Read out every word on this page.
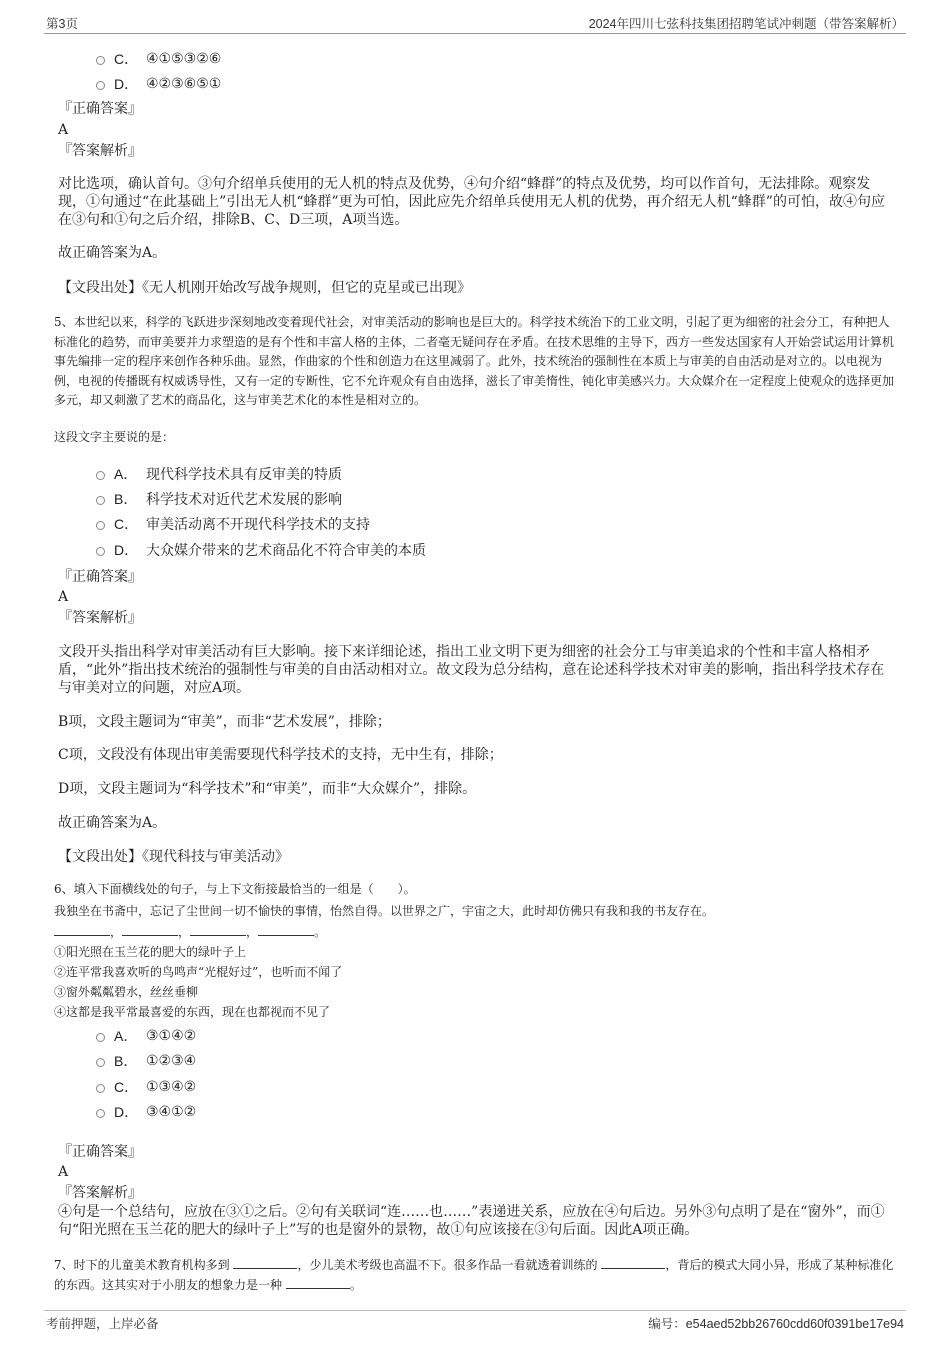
第3页	2024年四川七弦科技集团招聘笔试冲刺题（带答案解析）
C． ④①⑤③②⑥
D． ④②③⑥⑤①
『正确答案』
A
『答案解析』
对比选项，确认首句。③句介绍单兵使用的无人机的特点及优势，④句介绍“蜂群”的特点及优势，均可以作首句，无法排除。观察发现，①句通过“在此基础上”引出无人机“蜂群”更为可怕，因此应先介绍单兵使用无人机的优势，再介绍无人机“蜂群”的可怕，故④句应在③句和①句之后介绍，排除B、C、D三项，A项当选。
故正确答案为A。
【文段出处】《无人机刚开始改写战争规则，但它的克星或已出现》
5、本世纪以来，科学的飞跃进步深刻地改变着现代社会，对审美活动的影响也是巨大的。科学技术统治下的工业文明，引起了更为细密的社会分工，有种把人标准化的趋势，而审美要并力求塑造的是有个性和丰富人格的主体，二者毫无疑问存在矛盾。在技术思维的主导下，西方一些发达国家有人开始尝试运用计算机事先编排一定的程序来创作各种乐曲。显然，作曲家的个性和创造力在这里减弱了。此外，技术统治的强制性在本质上与审美的自由活动是对立的。以电视为例，电视的传播既有权威诱导性，又有一定的专断性，它不允许观众有自由选择，滋长了审美惰性，钝化审美感兴力。大众媒介在一定程度上使观众的选择更加多元，却又刺激了艺术的商品化，这与审美艺术化的本性是相对立的。
这段文字主要说的是：
A． 现代科学技术具有反审美的特质
B． 科学技术对近代艺术发展的影响
C． 审美活动离不开现代科学技术的支持
D． 大众媒介带来的艺术商品化不符合审美的本质
『正确答案』
A
『答案解析』
文段开头指出科学对审美活动有巨大影响。接下来详细论述，指出工业文明下更为细密的社会分工与审美追求的个性和丰富人格相矛盾，“此外”指出技术统治的强制性与审美的自由活动相对立。故文段为总分结构，意在论述科学技术对审美的影响，指出科学技术存在与审美对立的问题，对应A项。
B项，文段主题词为“审美”，而非“艺术发展”，排除；
C项，文段没有体现出审美需要现代科学技术的支持，无中生有，排除；
D项，文段主题词为“科学技术”和“审美”，而非“大众媒介”，排除。
故正确答案为A。
【文段出处】《现代科技与审美活动》
6、填入下面横线处的句子，与上下文衔接最恰当的一组是（　　）。
我独坐在书斋中，忘记了尘世间一切不愉快的事情，怡然自得。以世界之广，宇宙之大，此时却仿佛只有我和我的书友存在。
，	，	，	。
①阳光照在玉兰花的肥大的绿叶子上
②连平常我喜欢听的鸟鸣声“光棍好过”，也听而不闻了
③窗外粼粼碧水，丝丝垂柳
④这都是我平常最喜爱的东西，现在也都视而不见了
A． ③①④②
B． ①②③④
C． ①③④②
D． ③④①②
『正确答案』
A
『答案解析』
④句是一个总结句，应放在③①之后。②句有关联词“连……也……”表递进关系，应放在④句后边。另外③句点明了是在“窗外”，而①句“阳光照在玉兰花的肥大的绿叶子上”写的也是窗外的景物，故①句应该接在③句后面。因此A项正确。
7、时下的儿童美术教育机构多到	，少儿美术考级也高温不下。很多作品一看就透着训练的	，背后的模式大同小异，形成了某种标准化的东西。这其实对于小朋友的想象力是一种	。
考前押题，上岸必备	编号：e54aed52bb26760cdd60f0391be17e94
